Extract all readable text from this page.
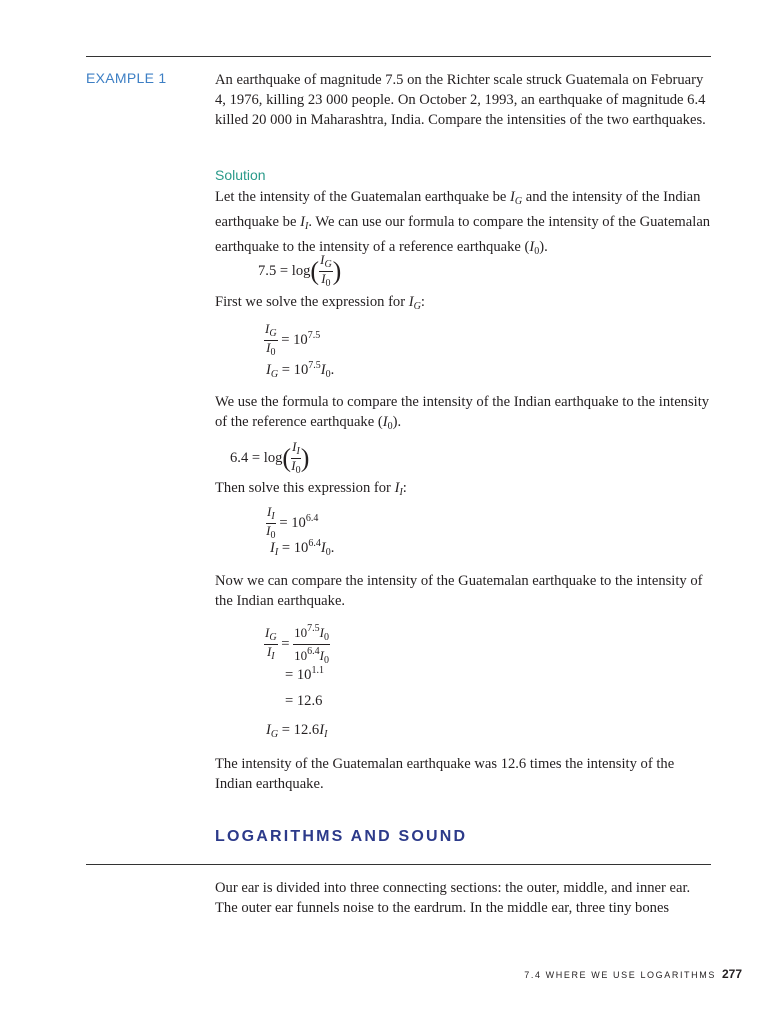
EXAMPLE 1	An earthquake of magnitude 7.5 on the Richter scale struck Guatemala on February 4, 1976, killing 23 000 people. On October 2, 1993, an earthquake of magnitude 6.4 killed 20 000 in Maharashtra, India. Compare the intensities of the two earthquakes.

Solution

Let the intensity of the Guatemalan earthquake be $I_G$ and the intensity of the Indian earthquake be $I_I$. We can use our formula to compare the intensity of the Guatemalan earthquake to the intensity of a reference earthquake $(I_0)$.

$7.5 = \log( \frac{I_G}{I_0}$ )

First we solve the expression for $I_G$:

$\frac{I_G}{I_0} = 10^{7.5}$
$I_G = 10^{7.5}I_0$.

We use the formula to compare the intensity of the Indian earthquake to the intensity of the reference earthquake $(I_0)$.

$6.4 = \log( \frac{I_I}{I_0}$ )

Then solve this expression for $I_I$:

$\frac{I_I}{I_0} = 10^{6.4}$
$I_I = 10^{6.4}I_0$.

Now we can compare the intensity of the Guatemalan earthquake to the intensity of the Indian earthquake.

$\frac{I_G}{I_I} = \frac{10^{7.5}I_0}{10^{6.4}I_0}$
= $10^{1.1}$
= 12.6
$I_G = 12.6I_I$

The intensity of the Guatemalan earthquake was 12.6 times the intensity of the Indian earthquake.

LOGARITHMS AND SOUND

Our ear is divided into three connecting sections: the outer, middle, and inner ear. The outer ear funnels noise to the eardrum. In the middle ear, three tiny bones

7.4 WHERE WE USE LOGARITHMS 277
